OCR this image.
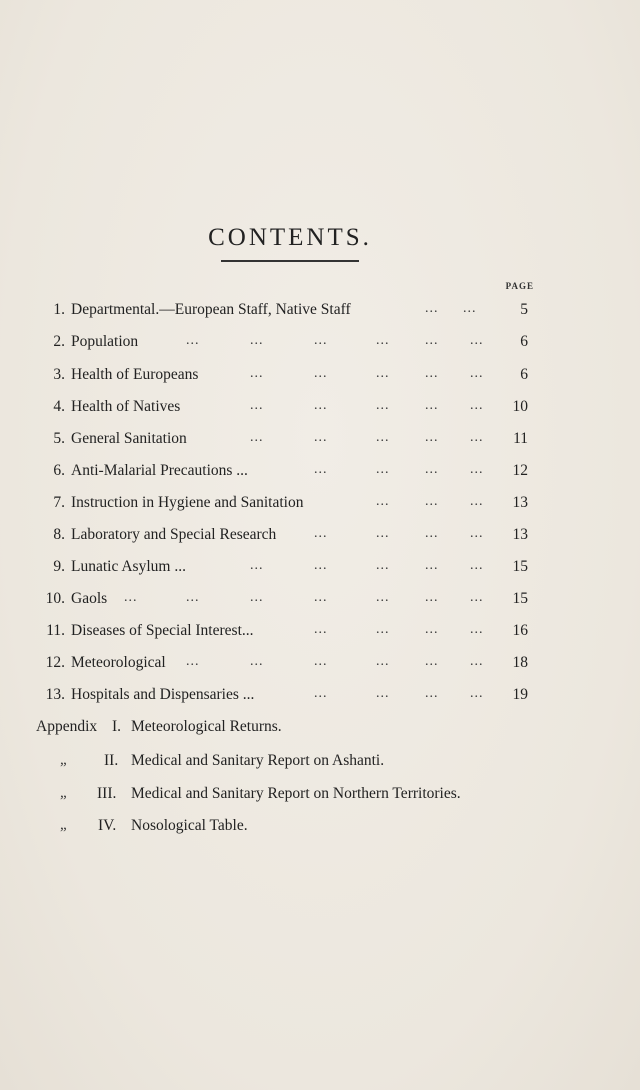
CONTENTS.
PAGE
1. Departmental.—European Staff, Native Staff	... ...	5
2. Population	...	...	...	...	... ... 6
3. Health of Europeans	...	...	...	... ... 6
4. Health of Natives	...	...	...	... ... 10
5. General Sanitation	...	...	...	... ... 11
6. Anti-Malarial Precautions ...	...	...	... ... 12
7. Instruction in Hygiene and Sanitation	...	... ... 13
8. Laboratory and Special Research	...	...	... ... 13
9. Lunatic Asylum ...	...	...	...	... ... 15
10. Gaols ...	...	...	...	...	... ... 15
11. Diseases of Special Interest...	...	...	... ... 16
12. Meteorological ...	...	...	...	... ... 18
13. Hospitals and Dispensaries ...	...	...	... ... 19
Appendix I. Meteorological Returns.
„ II. Medical and Sanitary Report on Ashanti.
„ III. Medical and Sanitary Report on Northern Territories.
„ IV. Nosological Table.
